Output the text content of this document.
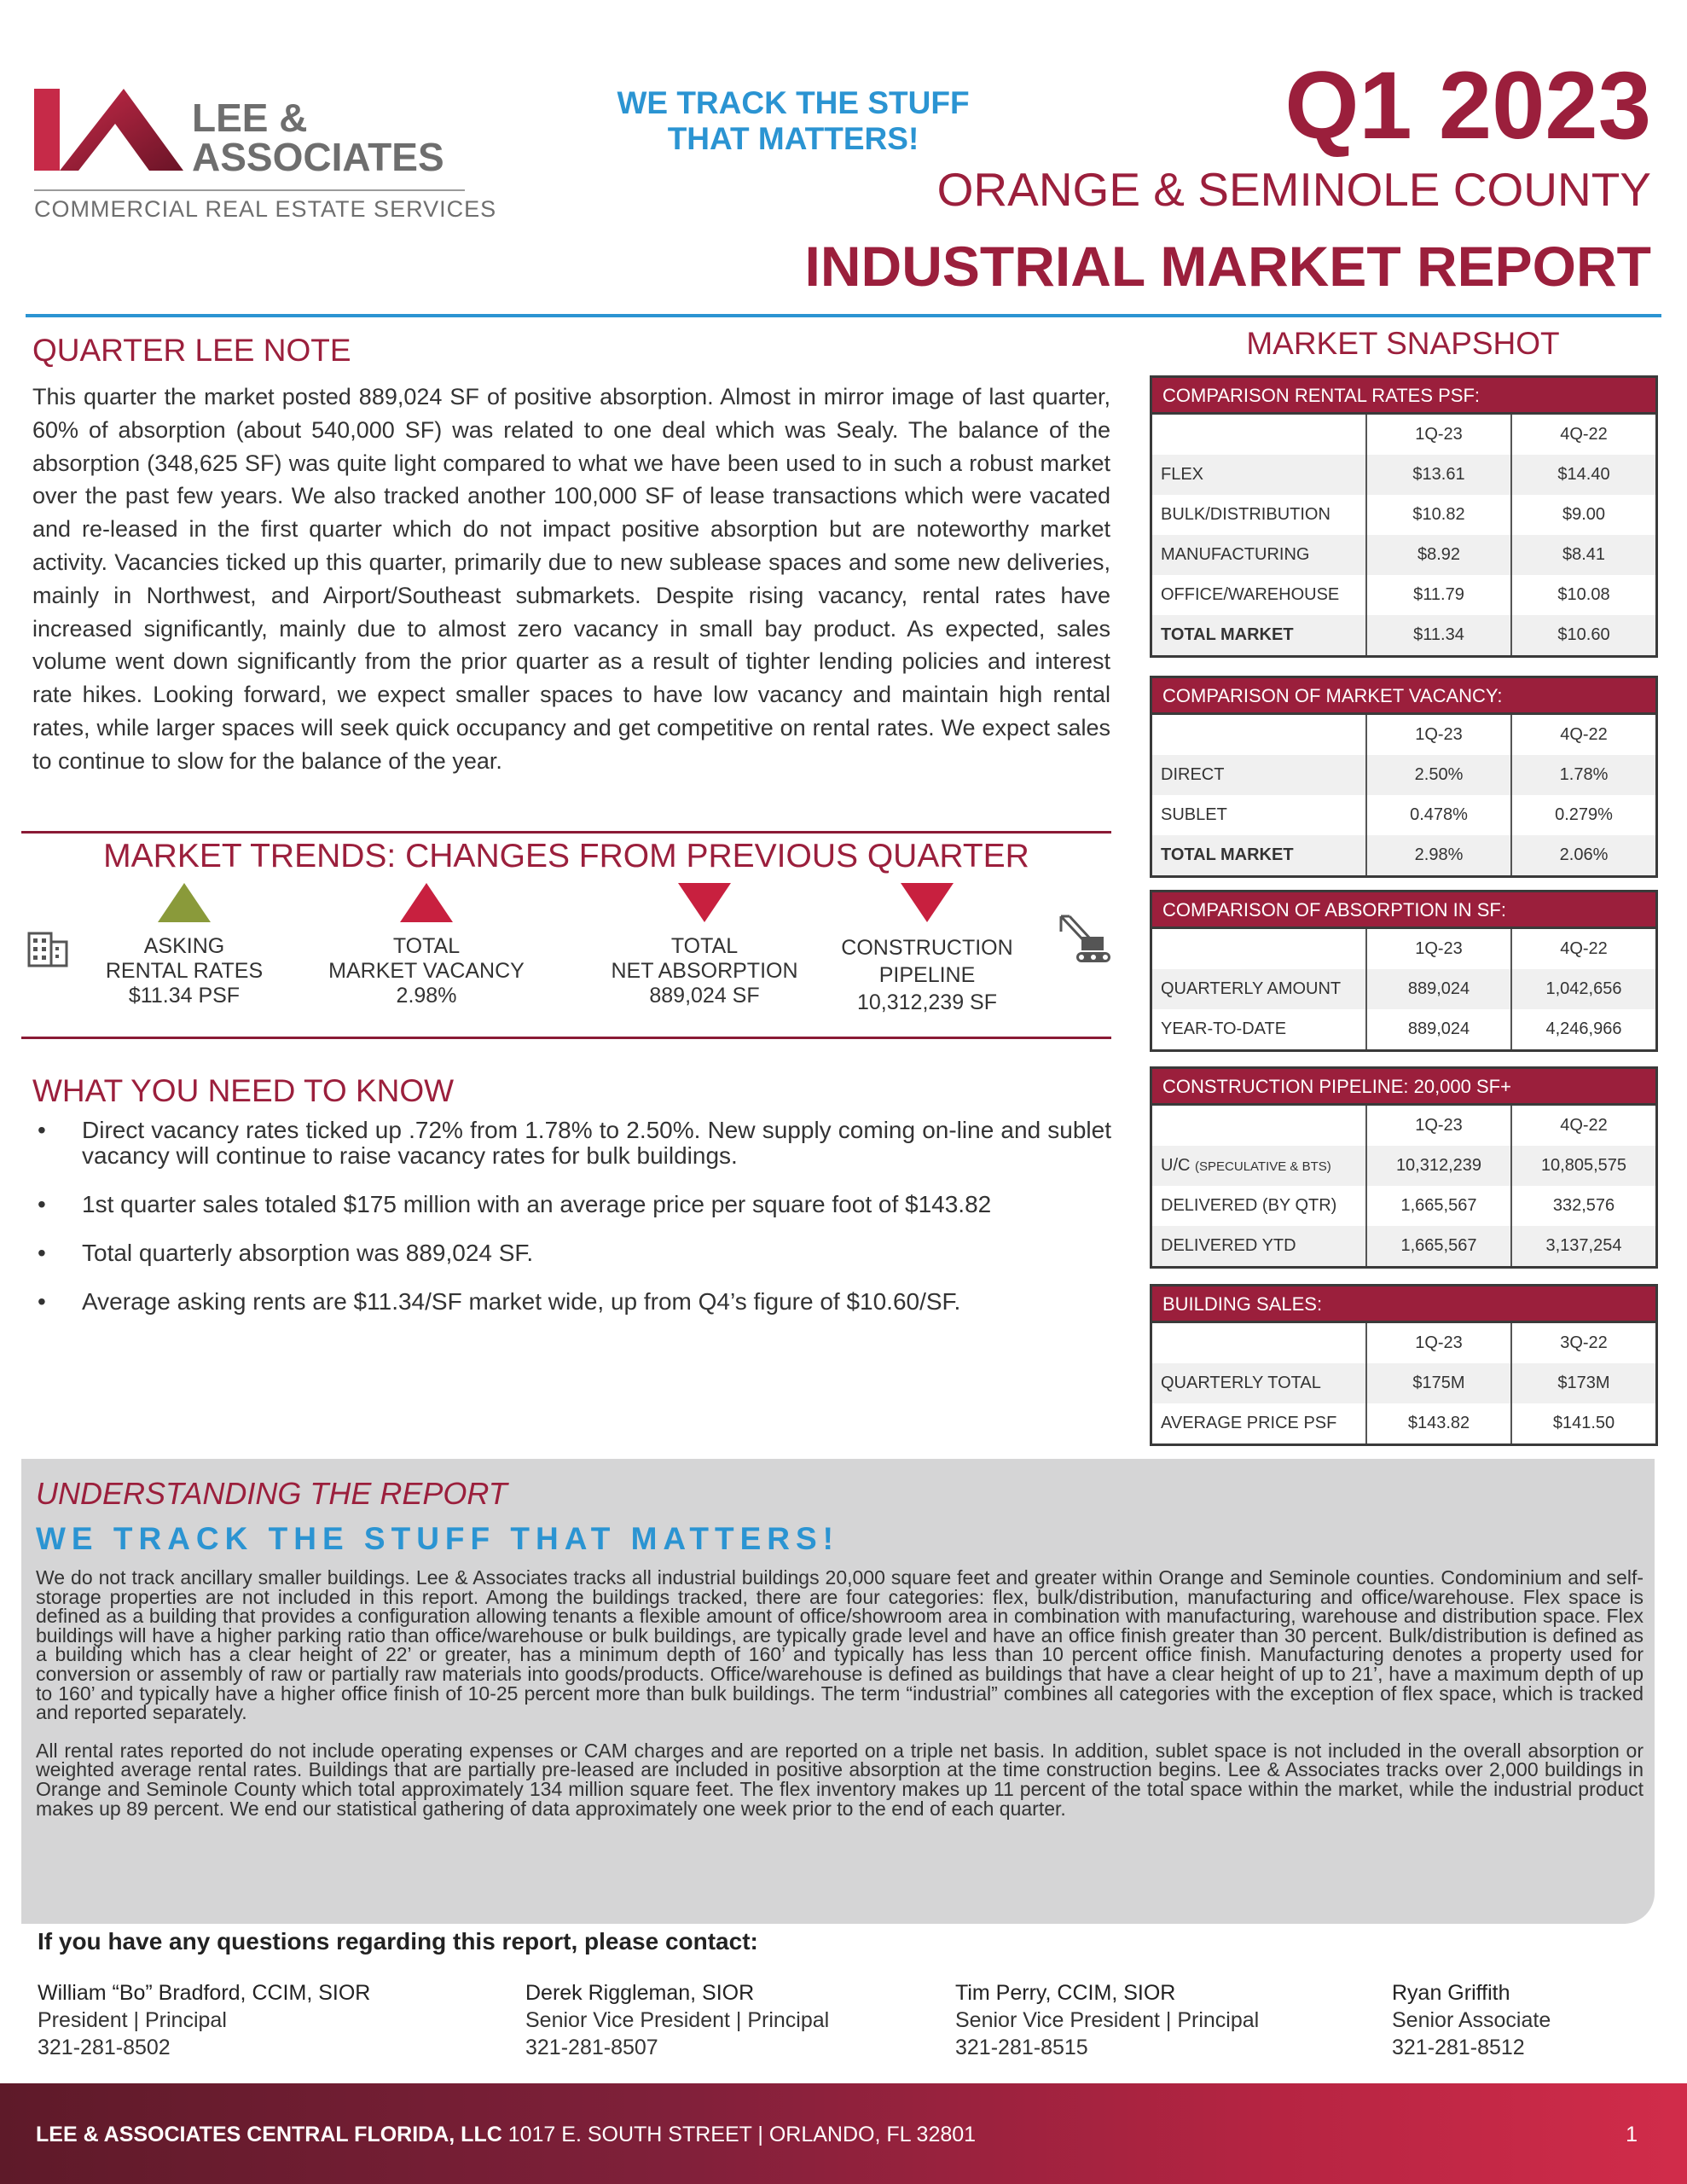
LEE &
ASSOCIATES
COMMERCIAL REAL ESTATE SERVICES
WE TRACK THE STUFF
THAT MATTERS!	Q1 2023
ORANGE & SEMINOLE COUNTY
INDUSTRIAL MARKET REPORT
QUARTER LEE NOTE
This quarter the market posted 889,024 SF of positive absorption. Almost in mirror image of last quarter, 60% of absorption (about 540,000 SF) was related to one deal which was Sealy. The balance of the absorption (348,625 SF) was quite light compared to what we have been used to in such a robust market over the past few years. We also tracked another 100,000 SF of lease transactions which were vacated and re-leased in the first quarter which do not impact positive absorption but are noteworthy market activity. Vacancies ticked up this quarter, primarily due to new sublease spaces and some new deliveries, mainly in Northwest, and Airport/Southeast submarkets. Despite rising vacancy, rental rates have increased significantly, mainly due to almost zero vacancy in small bay product. As expected, sales volume went down significantly from the prior quarter as a result of tighter lending policies and interest rate hikes. Looking forward, we expect smaller spaces to have low vacancy and maintain high rental rates, while larger spaces will seek quick occupancy and get competitive on rental rates. We expect sales to continue to slow for the balance of the year.
MARKET TRENDS: CHANGES FROM PREVIOUS QUARTER
ASKING
RENTAL RATES
$11.34 PSF
TOTAL
MARKET VACANCY
2.98%
TOTAL
NET ABSORPTION
889,024 SF
CONSTRUCTION
PIPELINE
10,312,239 SF
WHAT YOU NEED TO KNOW
• Direct vacancy rates ticked up .72% from 1.78% to 2.50%. New supply coming on-line and sublet vacancy will continue to raise vacancy rates for bulk buildings.
• 1st quarter sales totaled $175 million with an average price per square foot of $143.82
• Total quarterly absorption was 889,024 SF.
• Average asking rents are $11.34/SF market wide, up from Q4’s figure of $10.60/SF.
MARKET SNAPSHOT
COMPARISON RENTAL RATES PSF:
	1Q-23	4Q-22
FLEX	$13.61	$14.40
BULK/DISTRIBUTION	$10.82	$9.00
MANUFACTURING	$8.92	$8.41
OFFICE/WAREHOUSE	$11.79	$10.08
TOTAL MARKET	$11.34	$10.60
COMPARISON OF MARKET VACANCY:
	1Q-23	4Q-22
DIRECT	2.50%	1.78%
SUBLET	0.478%	0.279%
TOTAL MARKET	2.98%	2.06%
COMPARISON OF ABSORPTION IN SF:
	1Q-23	4Q-22
QUARTERLY AMOUNT	889,024	1,042,656
YEAR-TO-DATE	889,024	4,246,966
CONSTRUCTION PIPELINE: 20,000 SF+
	1Q-23	4Q-22
U/C (SPECULATIVE & BTS)	10,312,239	10,805,575
DELIVERED (BY QTR)	1,665,567	332,576
DELIVERED YTD	1,665,567	3,137,254
BUILDING SALES:
	1Q-23	3Q-22
QUARTERLY TOTAL	$175M	$173M
AVERAGE PRICE PSF	$143.82	$141.50
UNDERSTANDING THE REPORT
WE TRACK THE STUFF THAT MATTERS!

We do not track ancillary smaller buildings. Lee & Associates tracks all industrial buildings 20,000 square feet and greater within Orange and Seminole counties. Condominium and self-storage properties are not included in this report. Among the buildings tracked, there are four categories: flex, bulk/distribution, manufacturing and office/warehouse. Flex space is defined as a building that provides a configuration allowing tenants a flexible amount of office/showroom area in combination with manufacturing, warehouse and distribution space. Flex buildings will have a higher parking ratio than office/warehouse or bulk buildings, are typically grade level and have an office finish greater than 30 percent. Bulk/distribution is defined as a building which has a clear height of 22’ or greater, has a minimum depth of 160’ and typically has less than 10 percent office finish. Manufacturing denotes a property used for conversion or assembly of raw or partially raw materials into goods/products. Office/warehouse is defined as buildings that have a clear height of up to 21’, have a maximum depth of up to 160’ and typically have a higher office finish of 10-25 percent more than bulk buildings. The term “industrial” combines all categories with the exception of flex space, which is tracked and reported separately.

All rental rates reported do not include operating expenses or CAM charges and are reported on a triple net basis. In addition, sublet space is not included in the overall absorption or weighted average rental rates. Buildings that are partially pre-leased are included in positive absorption at the time construction begins. Lee & Associates tracks over 2,000 buildings in Orange and Seminole County which total approximately 134 million square feet. The flex inventory makes up 11 percent of the total space within the market, while the industrial product makes up 89 percent. We end our statistical gathering of data approximately one week prior to the end of each quarter.

If you have any questions regarding this report, please contact:
William “Bo” Bradford, CCIM, SIOR
President | Principal
321-281-8502
Derek Riggleman, SIOR
Senior Vice President | Principal
321-281-8507
Tim Perry, CCIM, SIOR
Senior Vice President | Principal
321-281-8515
Ryan Griffith
Senior Associate
321-281-8512
LEE & ASSOCIATES CENTRAL FLORIDA, LLC 1017 E. SOUTH STREET | ORLANDO, FL 32801	1
